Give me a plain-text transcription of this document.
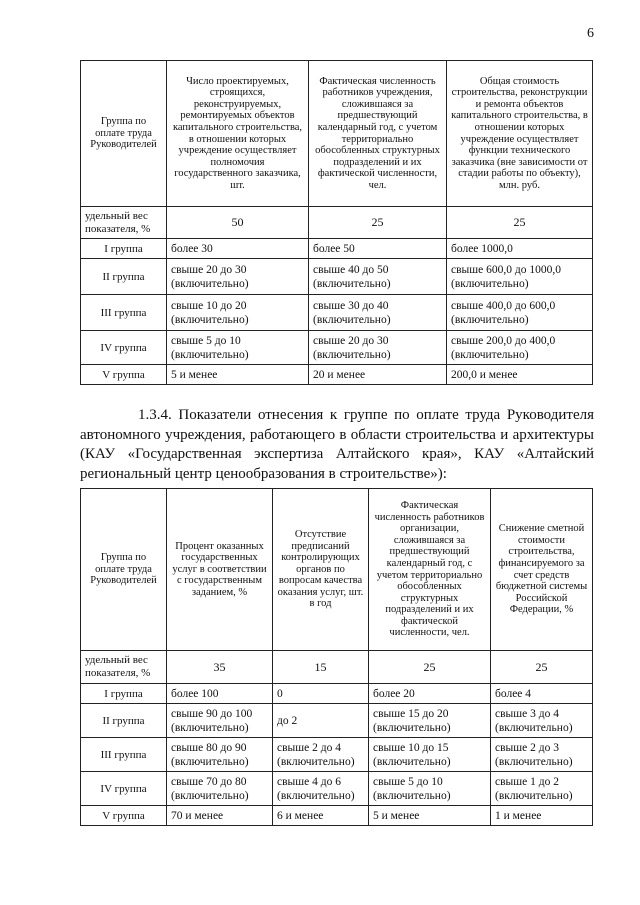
6
Группа по оплате труда Руководителей	Число проектируемых, строящихся, реконструируемых, ремонтируемых объектов капитального строительства, в отношении которых учреждение осуществляет полномочия государственного заказчика, шт.	Фактическая численность работников учреждения, сложившаяся за предшествующий календарный год, с учетом территориально обособленных структурных подразделений и их фактической численности, чел.	Общая стоимость строительства, реконструкции и ремонта объектов капитального строительства, в отношении которых учреждение осуществляет функции технического заказчика (вне зависимости от стадии работы по объекту), млн. руб.
удельный вес показателя, %	50	25	25
I группа	более 30	более 50	более 1000,0
II группа	свыше 20 до 30 (включительно)	свыше 40 до 50 (включительно)	свыше 600,0 до 1000,0 (включительно)
III группа	свыше 10 до 20 (включительно)	свыше 30 до 40 (включительно)	свыше 400,0 до 600,0 (включительно)
IV группа	свыше 5 до 10 (включительно)	свыше 20 до 30 (включительно)	свыше 200,0 до 400,0 (включительно)
V группа	5 и менее	20 и менее	200,0 и менее
1.3.4. Показатели отнесения к группе по оплате труда Руководителя автономного учреждения, работающего в области строительства и архитектуры (КАУ «Государственная экспертиза Алтайского края», КАУ «Алтайский региональный центр ценообразования в строительстве»):
Группа по оплате труда Руководителей	Процент оказанных государственных услуг в соответствии с государственным заданием, %	Отсутствие предписаний контролирующих органов по вопросам качества оказания услуг, шт. в год	Фактическая численность работников организации, сложившаяся за предшествующий календарный год, с учетом территориально обособленных структурных подразделений и их фактической численности, чел.	Снижение сметной стоимости строительства, финансируемого за счет средств бюджетной системы Российской Федерации, %
удельный вес показателя, %	35	15	25	25
I группа	более 100	0	более 20	более 4
II группа	свыше 90 до 100 (включительно)	до 2	свыше 15 до 20 (включительно)	свыше 3 до 4 (включительно)
III группа	свыше 80 до 90 (включительно)	свыше 2 до 4 (включительно)	свыше 10 до 15 (включительно)	свыше 2 до 3 (включительно)
IV группа	свыше 70 до 80 (включительно)	свыше 4 до 6 (включительно)	свыше 5 до 10 (включительно)	свыше 1 до 2 (включительно)
V группа	70 и менее	6 и менее	5 и менее	1 и менее
